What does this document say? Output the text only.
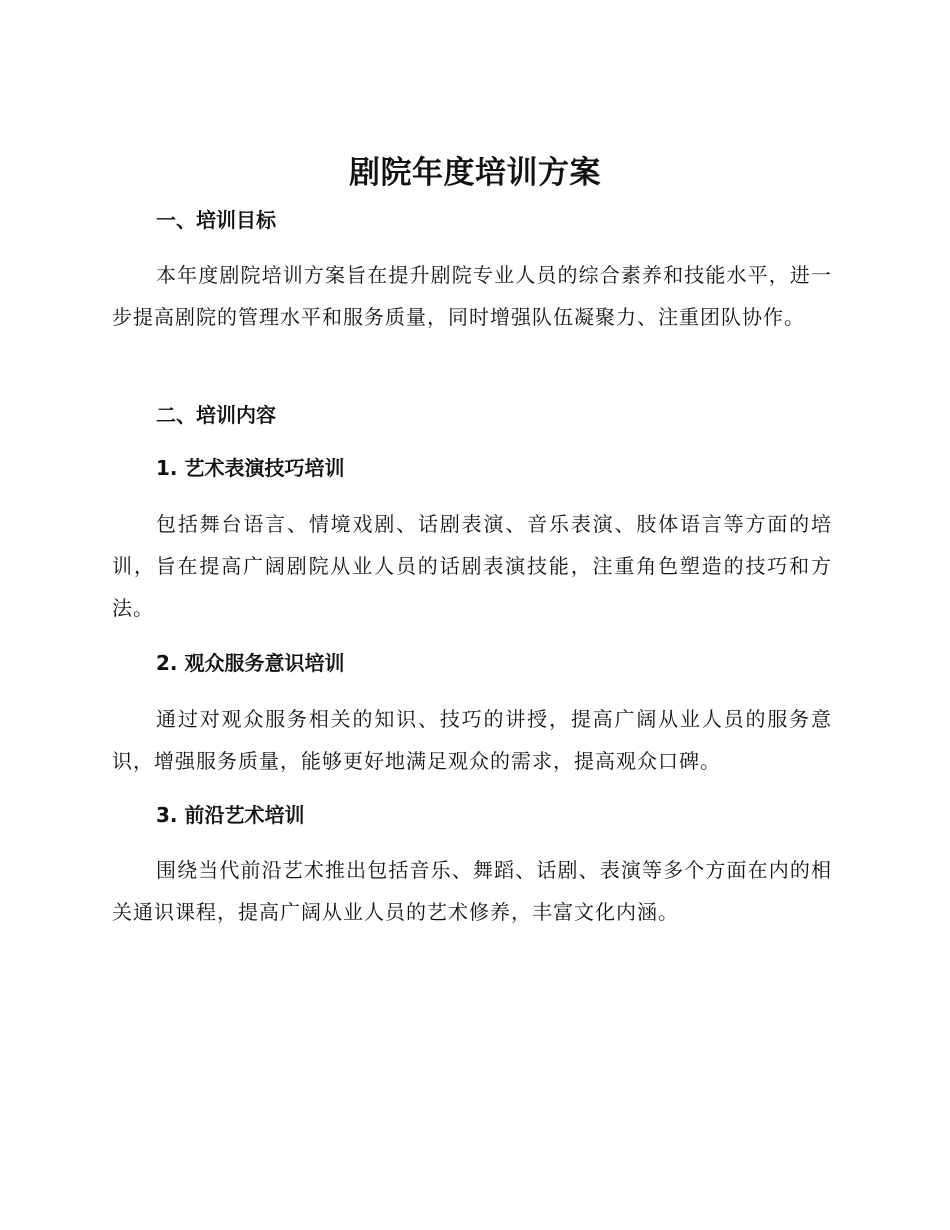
剧院年度培训方案
一、培训目标

本年度剧院培训方案旨在提升剧院专业人员的综合素养和技能水平，进一步提高剧院的管理水平和服务质量，同时增强队伍凝聚力、注重团队协作。

二、培训内容
1. 艺术表演技巧培训

包括舞台语言、情境戏剧、话剧表演、音乐表演、肢体语言等方面的培训，旨在提高广阔剧院从业人员的话剧表演技能，注重角色塑造的技巧和方法。

2. 观众服务意识培训

通过对观众服务相关的知识、技巧的讲授，提高广阔从业人员的服务意识，增强服务质量，能够更好地满足观众的需求，提高观众口碑。

3. 前沿艺术培训

围绕当代前沿艺术推出包括音乐、舞蹈、话剧、表演等多个方面在内的相关通识课程，提高广阔从业人员的艺术修养，丰富文化内涵。
